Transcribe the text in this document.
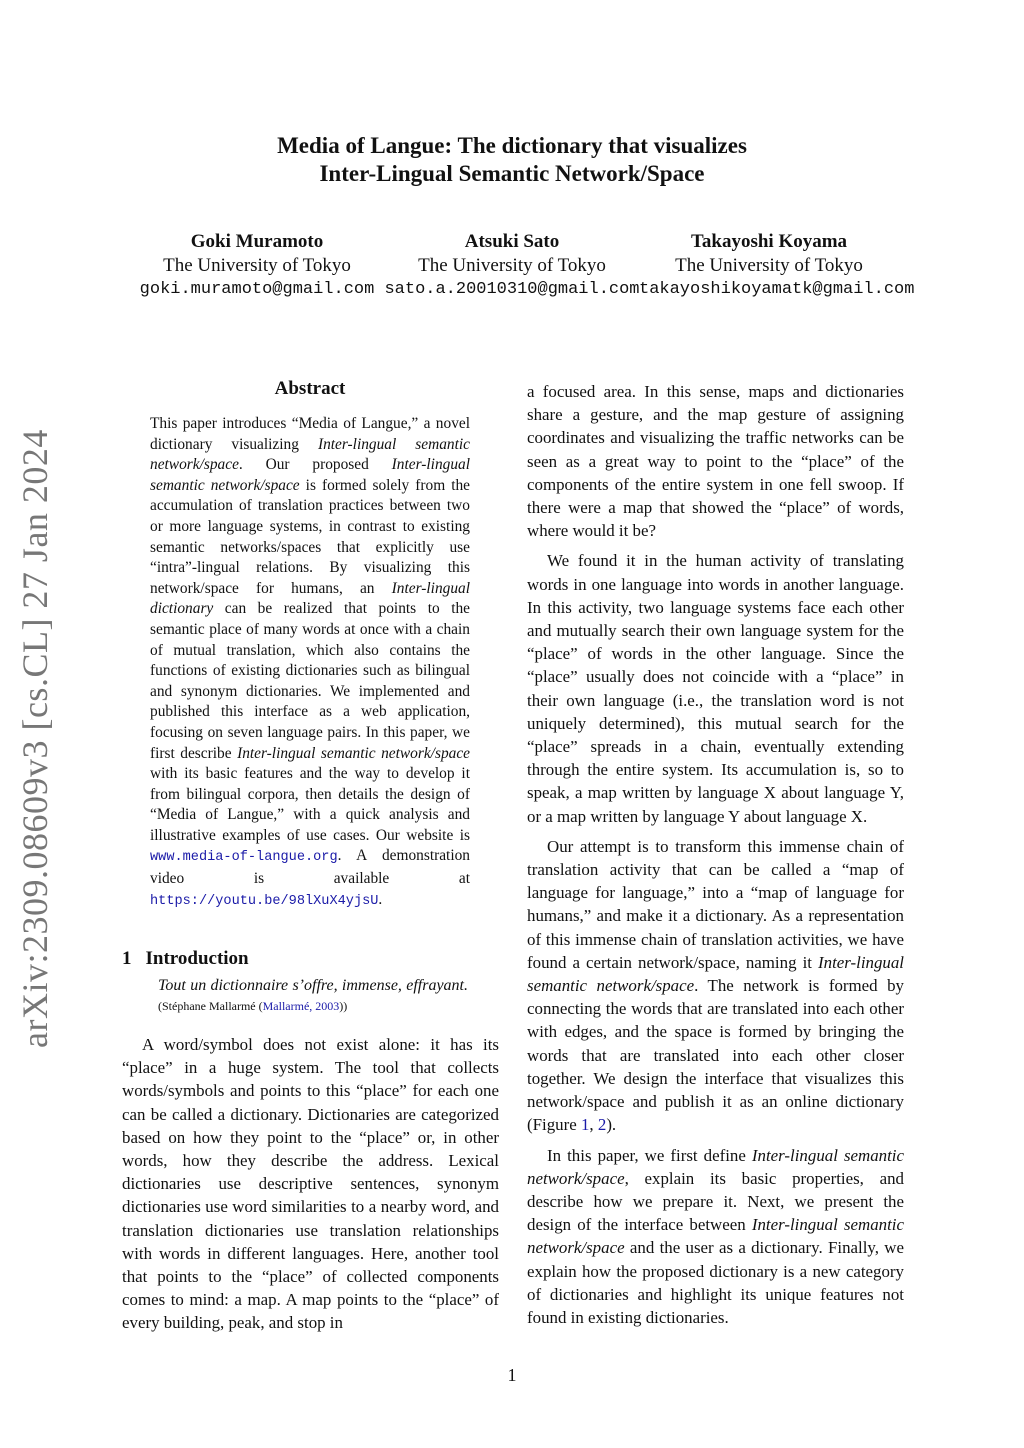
Media of Langue: The dictionary that visualizes
Inter-Lingual Semantic Network/Space
Goki Muramoto
The University of Tokyo
goki.muramoto@gmail.com
Atsuki Sato
The University of Tokyo
sato.a.20010310@gmail.com
Takayoshi Koyama
The University of Tokyo
takayoshikoyamatk@gmail.com
arXiv:2309.08609v3 [cs.CL] 27 Jan 2024
Abstract
This paper introduces “Media of Langue,” a novel dictionary visualizing Inter-lingual semantic network/space. Our proposed Inter-lingual semantic network/space is formed solely from the accumulation of translation practices between two or more language systems, in contrast to existing semantic networks/spaces that explicitly use “intra”-lingual relations. By visualizing this network/space for humans, an Inter-lingual dictionary can be realized that points to the semantic place of many words at once with a chain of mutual translation, which also contains the functions of existing dictionaries such as bilingual and synonym dictionaries. We implemented and published this interface as a web application, focusing on seven language pairs. In this paper, we first describe Inter-lingual semantic network/space with its basic features and the way to develop it from bilingual corpora, then details the design of “Media of Langue,” with a quick analysis and illustrative examples of use cases. Our website is www.media-of-langue.org. A demonstration video is available at https://youtu.be/98lXuX4yjsU.
1 Introduction
Tout un dictionnaire s’offre, immense, effrayant. (Stéphane Mallarmé (Mallarmé, 2003))

A word/symbol does not exist alone: it has its “place” in a huge system. The tool that collects words/symbols and points to this “place” for each one can be called a dictionary. Dictionaries are categorized based on how they point to the “place” or, in other words, how they describe the address. Lexical dictionaries use descriptive sentences, synonym dictionaries use word similarities to a nearby word, and translation dictionaries use translation relationships with words in different languages. Here, another tool that points to the “place” of collected components comes to mind: a map. A map points to the “place” of every building, peak, and stop in

a focused area. In this sense, maps and dictionaries share a gesture, and the map gesture of assigning coordinates and visualizing the traffic networks can be seen as a great way to point to the “place” of the components of the entire system in one fell swoop. If there were a map that showed the “place” of words, where would it be?

We found it in the human activity of translating words in one language into words in another language. In this activity, two language systems face each other and mutually search their own language system for the “place” of words in the other language. Since the “place” usually does not coincide with a “place” in their own language (i.e., the translation word is not uniquely determined), this mutual search for the “place” spreads in a chain, eventually extending through the entire system. Its accumulation is, so to speak, a map written by language X about language Y, or a map written by language Y about language X.

Our attempt is to transform this immense chain of translation activity that can be called a “map of language for language,” into a “map of language for humans,” and make it a dictionary. As a representation of this immense chain of translation activities, we have found a certain network/space, naming it Inter-lingual semantic network/space. The network is formed by connecting the words that are translated into each other with edges, and the space is formed by bringing the words that are translated into each other closer together. We design the interface that visualizes this network/space and publish it as an online dictionary (Figure 1, 2).

In this paper, we first define Inter-lingual semantic network/space, explain its basic properties, and describe how we prepare it. Next, we present the design of the interface between Inter-lingual semantic network/space and the user as a dictionary. Finally, we explain how the proposed dictionary is a new category of dictionaries and highlight its unique features not found in existing dictionaries.

1
